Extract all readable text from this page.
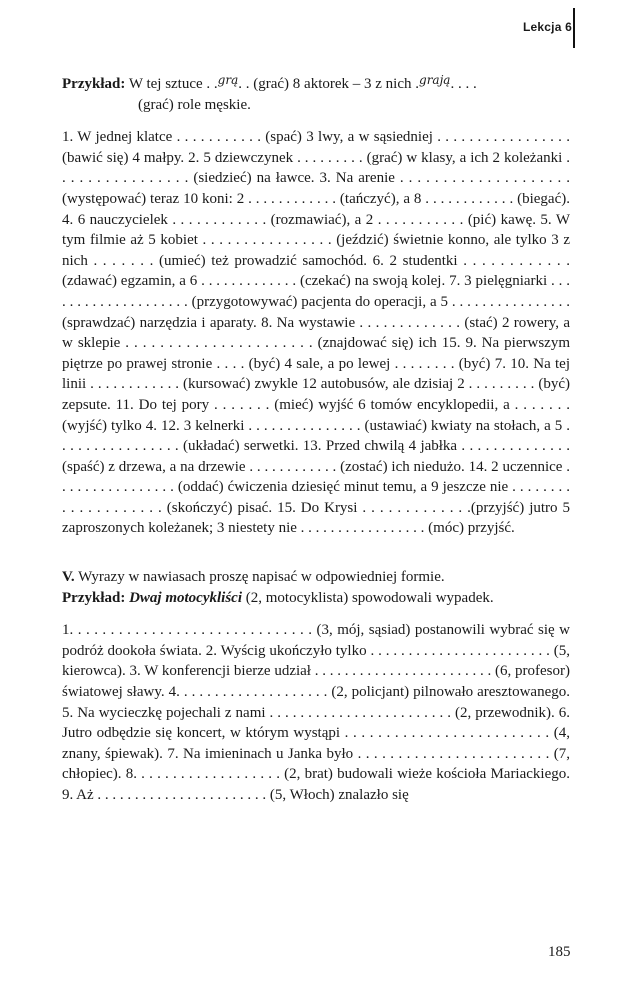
Lekcja 6

Przykład: W tej sztuce . .$^{grą}$. . (grać) 8 aktorek – 3 z nich .$^{grają}$. . . .

(grać) role męskie.

1. W jednej klatce . . . . . . . . . . . (spać) 3 lwy, a w sąsiedniej . . . . . . . . . . . . . . . . . (bawić się) 4 małpy. 2. 5 dziewczynek . . . . . . . . . (grać) w klasy, a ich 2 koleżanki . . . . . . . . . . . . . . . . (siedzieć) na ławce. 3. Na arenie . . . . . . . . . . . . . . . . . . . .(występować) teraz 10 koni: 2 . . . . . . . . . . . . (tańczyć), a 8 . . . . . . . . . . . . (biegać). 4. 6 nauczycielek . . . . . . . . . . . . (rozmawiać), a 2 . . . . . . . . . . . (pić) kawę. 5. W tym filmie aż 5 kobiet . . . . . . . . . . . . . . . . (jeździć) świetnie konno, ale tylko 3 z nich . . . . . . . (umieć) też prowadzić samochód. 6. 2 studentki . . . . . . . . . . . . (zdawać) egzamin, a 6 . . . . . . . . . . . . . (czekać) na swoją kolej. 7. 3 pielęgniarki . . . . . . . . . . . . . . . . . . . . (przygotowywać) pacjenta do operacji, a 5 . . . . . . . . . . . . . . . . (sprawdzać) narzędzia i aparaty. 8. Na wystawie . . . . . . . . . . . . . (stać) 2 rowery, a w sklepie . . . . . . . . . . . . . . . . . . . . . . (znajdować się) ich 15. 9. Na pierwszym piętrze po prawej stronie . . . . (być) 4 sale, a po lewej . . . . . . . . (być) 7. 10. Na tej linii . . . . . . . . . . . . (kursować) zwykle 12 autobusów, ale dzisiaj 2 . . . . . . . . . (być) zepsute. 11. Do tej pory . . . . . . . (mieć) wyjść 6 tomów encyklopedii, a . . . . . . . (wyjść) tylko 4. 12. 3 kelnerki . . . . . . . . . . . . . . . (ustawiać) kwiaty na stołach, a 5 . . . . . . . . . . . . . . . . (układać) serwetki. 13. Przed chwilą 4 jabłka . . . . . . . . . . . . . . (spaść) z drzewa, a na drzewie . . . . . . . . . . . . (zostać) ich niedużo. 14. 2 uczennice . . . . . . . . . . . . . . . . (oddać) ćwiczenia dziesięć minut temu, a 9 jeszcze nie . . . . . . . . . . . . . . . . . . . . (skończyć) pisać. 15. Do Krysi . . . . . . . . . . . . .(przyjść) jutro 5 zaproszonych koleżanek; 3 niestety nie . . . . . . . . . . . . . . . . . (móc) przyjść.

V. Wyrazy w nawiasach proszę napisać w odpowiedniej formie.

Przykład: Dwaj motocykliści (2, motocyklista) spowodowali wypadek.

1. . . . . . . . . . . . . . . . . . . . . . . . . . . . . . (3, mój, sąsiad) postanowili wybrać się w podróż dookoła świata. 2. Wyścig ukończyło tylko . . . . . . . . . . . . . . . . . . . . . . . . (5, kierowca). 3. W konferencji bierze udział . . . . . . . . . . . . . . . . . . . . . . . . (6, profesor) światowej sławy. 4. . . . . . . . . . . . . . . . . . . . (2, policjant) pilnowało aresztowanego. 5. Na wycieczkę pojechali z nami . . . . . . . . . . . . . . . . . . . . . . . . (2, przewodnik). 6. Jutro odbędzie się koncert, w którym wystąpi . . . . . . . . . . . . . . . . . . . . . . . . . (4, znany, śpiewak). 7. Na imieninach u Janka było . . . . . . . . . . . . . . . . . . . . . . . . (7, chłopiec). 8. . . . . . . . . . . . . . . . . . . (2, brat) budowali wieże kościoła Mariackiego. 9. Aż . . . . . . . . . . . . . . . . . . . . . . . (5, Włoch) znalazło się

185
